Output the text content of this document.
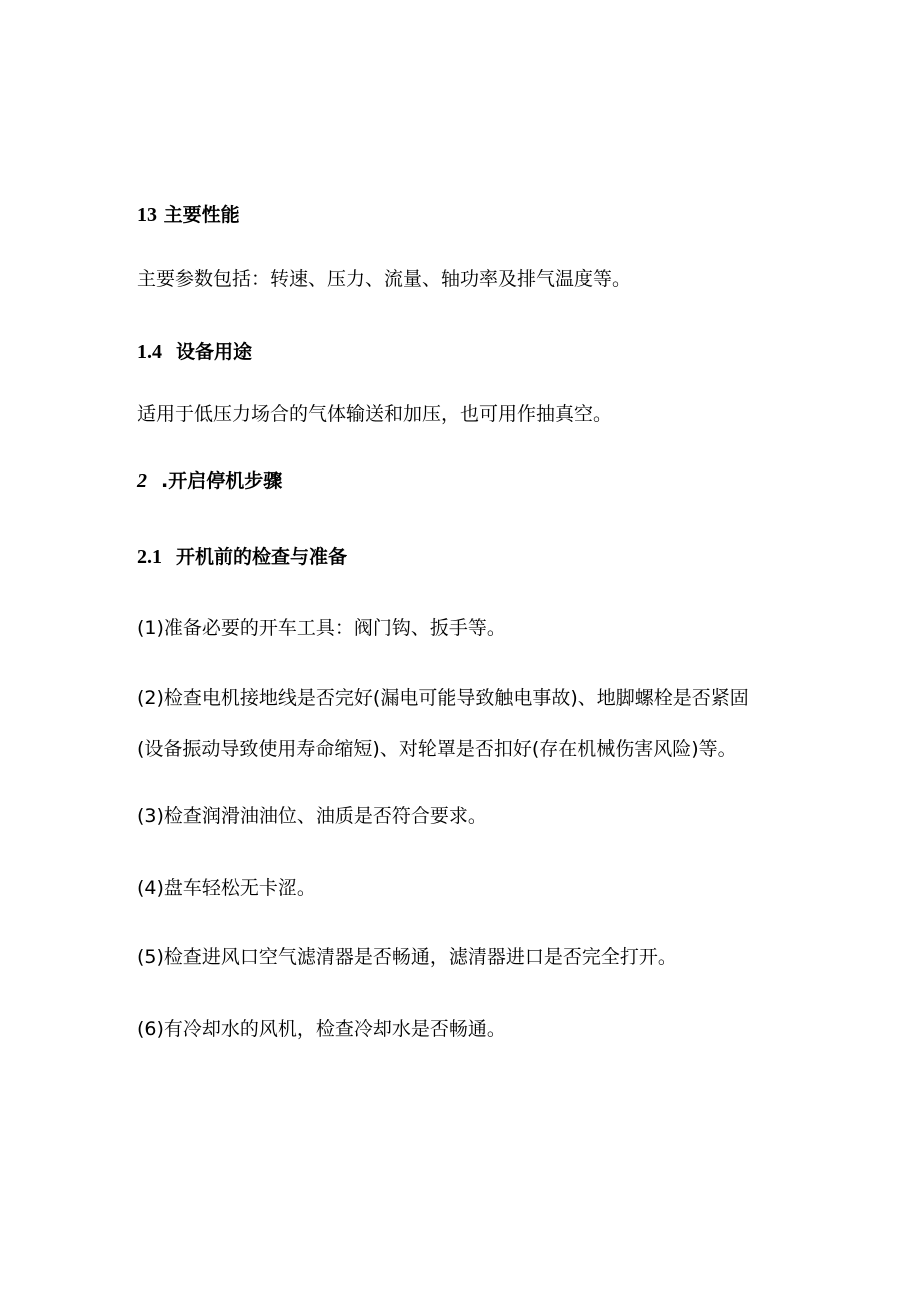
13 主要性能
主要参数包括：转速、压力、流量、轴功率及排气温度等。
1.4 设备用途
适用于低压力场合的气体输送和加压，也可用作抽真空。
2 .开启停机步骤
2.1 开机前的检查与准备
(1)准备必要的开车工具：阀门钩、扳手等。
(2)检查电机接地线是否完好(漏电可能导致触电事故)、地脚螺栓是否紧固
(设备振动导致使用寿命缩短)、对轮罩是否扣好(存在机械伤害风险)等。
(3)检查润滑油油位、油质是否符合要求。
(4)盘车轻松无卡涩。
(5)检查进风口空气滤清器是否畅通，滤清器进口是否完全打开。
(6)有冷却水的风机，检查冷却水是否畅通。
